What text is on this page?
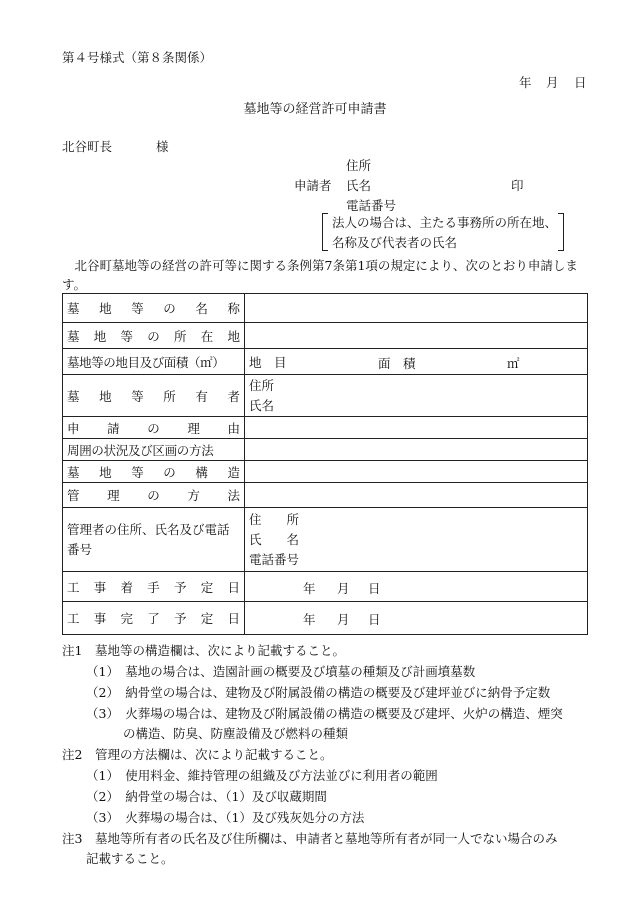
第４号様式（第８条関係）
年 月 日
墓地等の経営許可申請書
北谷町長	様
住所
申請者 氏名	印
電話番号
法人の場合は、主たる事務所の所在地、
名称及び代表者の氏名
　北谷町墓地等の経営の許可等に関する条例第7条第1項の規定により、次のとおり申請しま
す。
墓地等の名称	

墓地等の所在地	

墓地等の地目及び面積（㎡）	地　目 面　積 ㎡

墓地等所有者	住所
氏名

申請の理由	

周囲の状況及び区画の方法	

墓地等の構造	

管理の方法	

管理者の住所、氏名及び電話番号	住　　所
氏　　名
電話番号

工事着手予定日	年 月 日

工事完了予定日	年 月 日
注1　墓地等の構造欄は、次により記載すること。
（1）　墓地の場合は、造園計画の概要及び墳墓の種類及び計画墳墓数
（2）　納骨堂の場合は、建物及び附属設備の構造の概要及び建坪並びに納骨予定数
（3）　火葬場の場合は、建物及び附属設備の構造の概要及び建坪、火炉の構造、煙突
の構造、防臭、防塵設備及び燃料の種類
注2　管理の方法欄は、次により記載すること。
（1）　使用料金、維持管理の組織及び方法並びに利用者の範囲
（2）　納骨堂の場合は、（1）及び収蔵期間
（3）　火葬場の場合は、（1）及び残灰処分の方法
注3　墓地等所有者の氏名及び住所欄は、申請者と墓地等所有者が同一人でない場合のみ
記載すること。
